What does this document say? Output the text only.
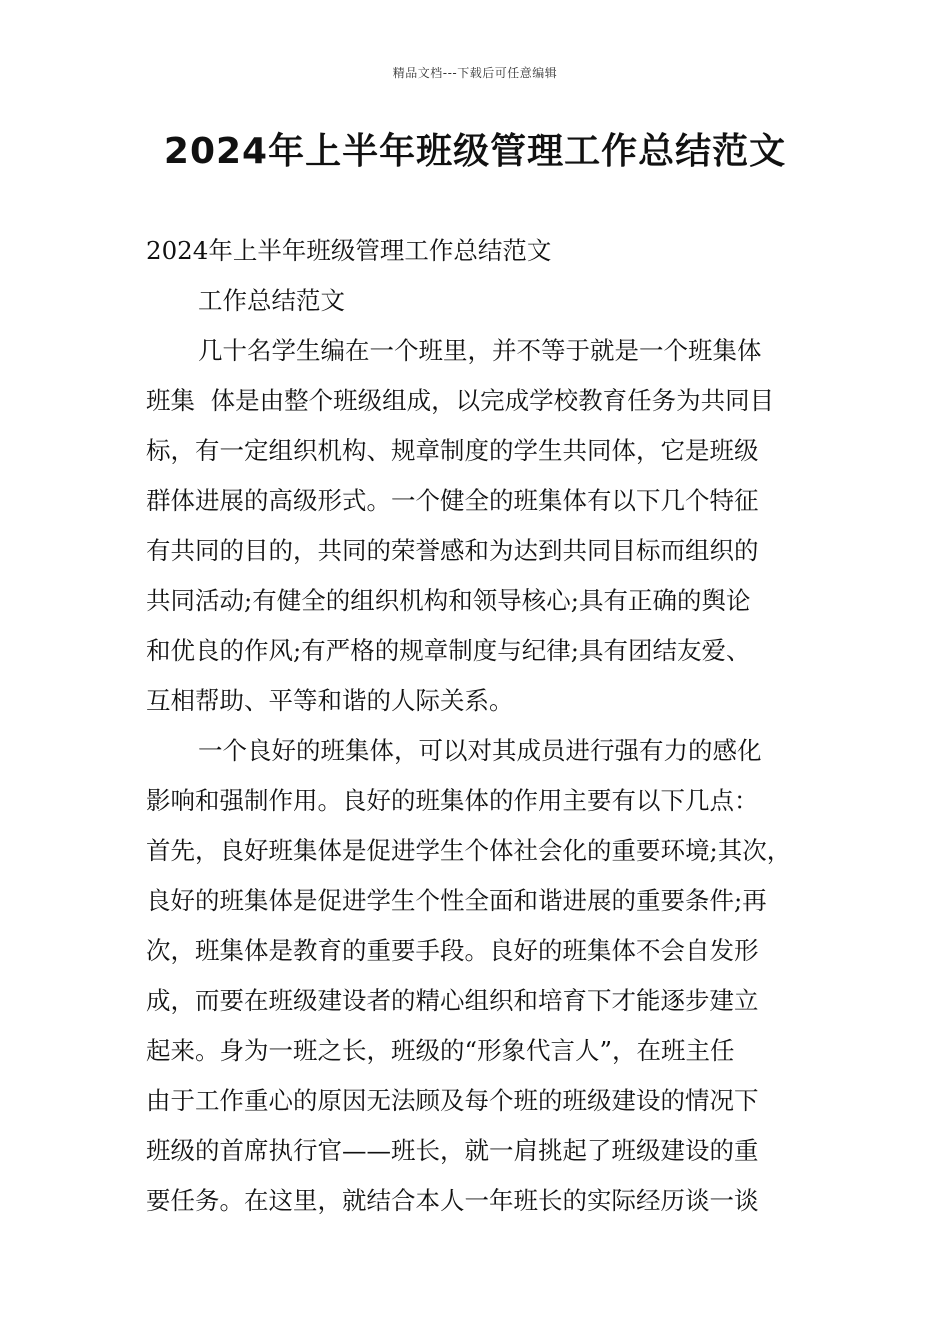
精品文档---下载后可任意编辑
2024年上半年班级管理工作总结范文

2024年上半年班级管理工作总结范文

工作总结范文

几十名学生编在一个班里，并不等于就是一个班集体

班集  体是由整个班级组成，以完成学校教育任务为共同目

标，有一定组织机构、规章制度的学生共同体，它是班级

群体进展的高级形式。一个健全的班集体有以下几个特征

有共同的目的，共同的荣誉感和为达到共同目标而组织的

共同活动;有健全的组织机构和领导核心;具有正确的舆论

和优良的作风;有严格的规章制度与纪律;具有团结友爱、

互相帮助、平等和谐的人际关系。

一个良好的班集体，可以对其成员进行强有力的感化

影响和强制作用。良好的班集体的作用主要有以下几点：

首先，良好班集体是促进学生个体社会化的重要环境;其次，

良好的班集体是促进学生个性全面和谐进展的重要条件;再

次，班集体是教育的重要手段。良好的班集体不会自发形

成，而要在班级建设者的精心组织和培育下才能逐步建立

起来。身为一班之长，班级的“形象代言人”，在班主任

由于工作重心的原因无法顾及每个班的班级建设的情况下

班级的首席执行官——班长，就一肩挑起了班级建设的重

要任务。在这里，就结合本人一年班长的实际经历谈一谈
